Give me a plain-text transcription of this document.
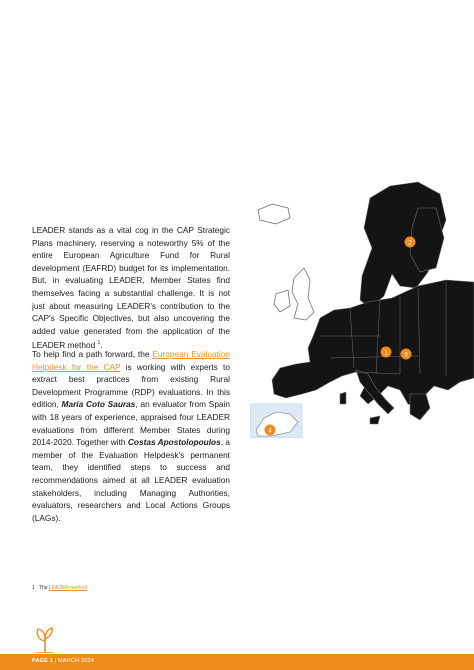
LEADER stands as a vital cog in the CAP Strategic Plans machinery, reserving a noteworthy 5% of the entire European Agriculture Fund for Rural development (EAFRD) budget for its implementation. But, in evaluating LEADER, Member States find themselves facing a substantial challenge. It is not just about measuring LEADER's contribution to the CAP's Specific Objectives, but also uncovering the added value generated from the application of the LEADER method $^1$.
To help find a path forward, the European Evaluation Helpdesk for the CAP is working with experts to extract best practices from existing Rural Development Programme (RDP) evaluations. In this edition, María Coto Sauras, an evaluator from Spain with 18 years of experience, appraised four LEADER evaluations from different Member States during 2014-2020. Together with Costas Apostolopoulos, a member of the Evaluation Helpdesk's permanent team, they identified steps to success and recommendations aimed at all LEADER evaluation stakeholders, including Managing Authorities, evaluators, researchers and Local Actions Groups (LAGs).
2
1	3
4
1 The LEADER method
PAGE 1 | MARCH 2024
